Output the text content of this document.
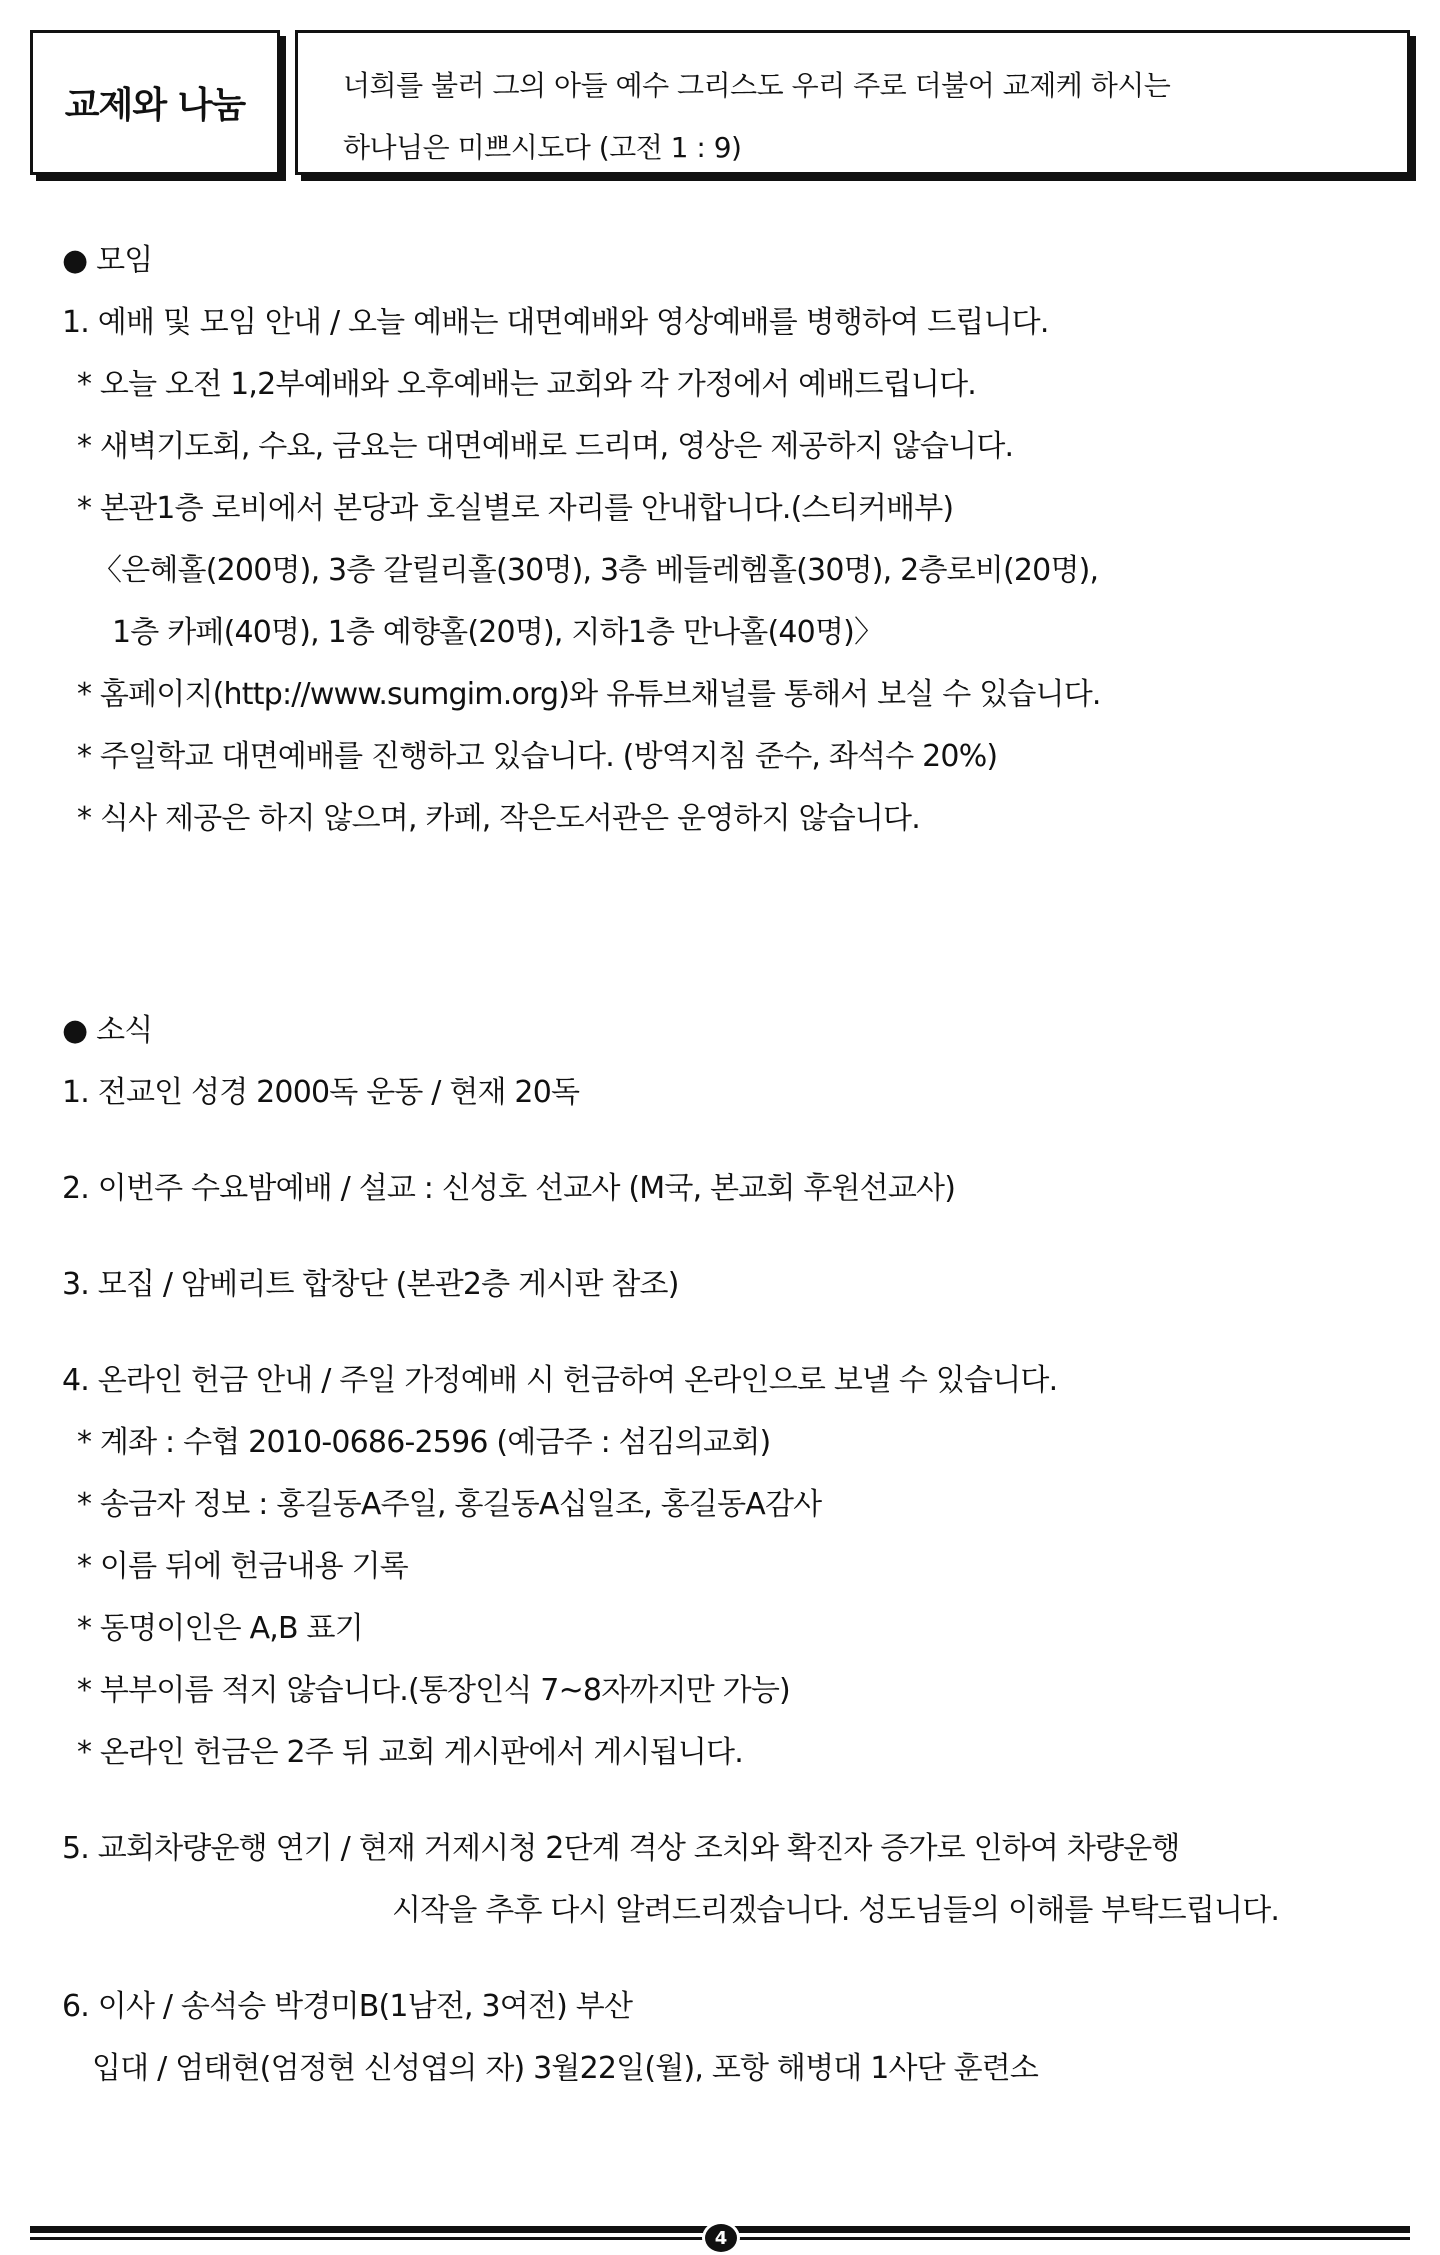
교제와 나눔	너희를 불러 그의 아들 예수 그리스도 우리 주로 더불어 교제케 하시는
하나님은 미쁘시도다 (고전 1 : 9)
● 모임
1. 예배 및 모임 안내 / 오늘 예배는 대면예배와 영상예배를 병행하여 드립니다.
* 오늘 오전 1,2부예배와 오후예배는 교회와 각 가정에서 예배드립니다.
* 새벽기도회, 수요, 금요는 대면예배로 드리며, 영상은 제공하지 않습니다.
* 본관1층 로비에서 본당과 호실별로 자리를 안내합니다.(스티커배부)
〈은혜홀(200명), 3층 갈릴리홀(30명), 3층 베들레헴홀(30명), 2층로비(20명),
1층 카페(40명), 1층 예향홀(20명), 지하1층 만나홀(40명)〉
* 홈페이지(http://www.sumgim.org)와 유튜브채널를 통해서 보실 수 있습니다.
* 주일학교 대면예배를 진행하고 있습니다. (방역지침 준수, 좌석수 20%)
* 식사 제공은 하지 않으며, 카페, 작은도서관은 운영하지 않습니다.
● 소식
1. 전교인 성경 2000독 운동 / 현재 20독
2. 이번주 수요밤예배 / 설교 : 신성호 선교사 (M국, 본교회 후원선교사)
3. 모집 / 암베리트 합창단 (본관2층 게시판 참조)
4. 온라인 헌금 안내 / 주일 가정예배 시 헌금하여 온라인으로 보낼 수 있습니다.
* 계좌 : 수협 2010-0686-2596 (예금주 : 섬김의교회)
* 송금자 정보 : 홍길동A주일, 홍길동A십일조, 홍길동A감사
* 이름 뒤에 헌금내용 기록
* 동명이인은 A,B 표기
* 부부이름 적지 않습니다.(통장인식 7~8자까지만 가능)
* 온라인 헌금은 2주 뒤 교회 게시판에서 게시됩니다.
5. 교회차량운행 연기 / 현재 거제시청 2단계 격상 조치와 확진자 증가로 인하여 차량운행
시작을 추후 다시 알려드리겠습니다. 성도님들의 이해를 부탁드립니다.
6. 이사 / 송석승 박경미B(1남전, 3여전) 부산
입대 / 엄태현(엄정현 신성엽의 자) 3월22일(월), 포항 해병대 1사단 훈련소
4
